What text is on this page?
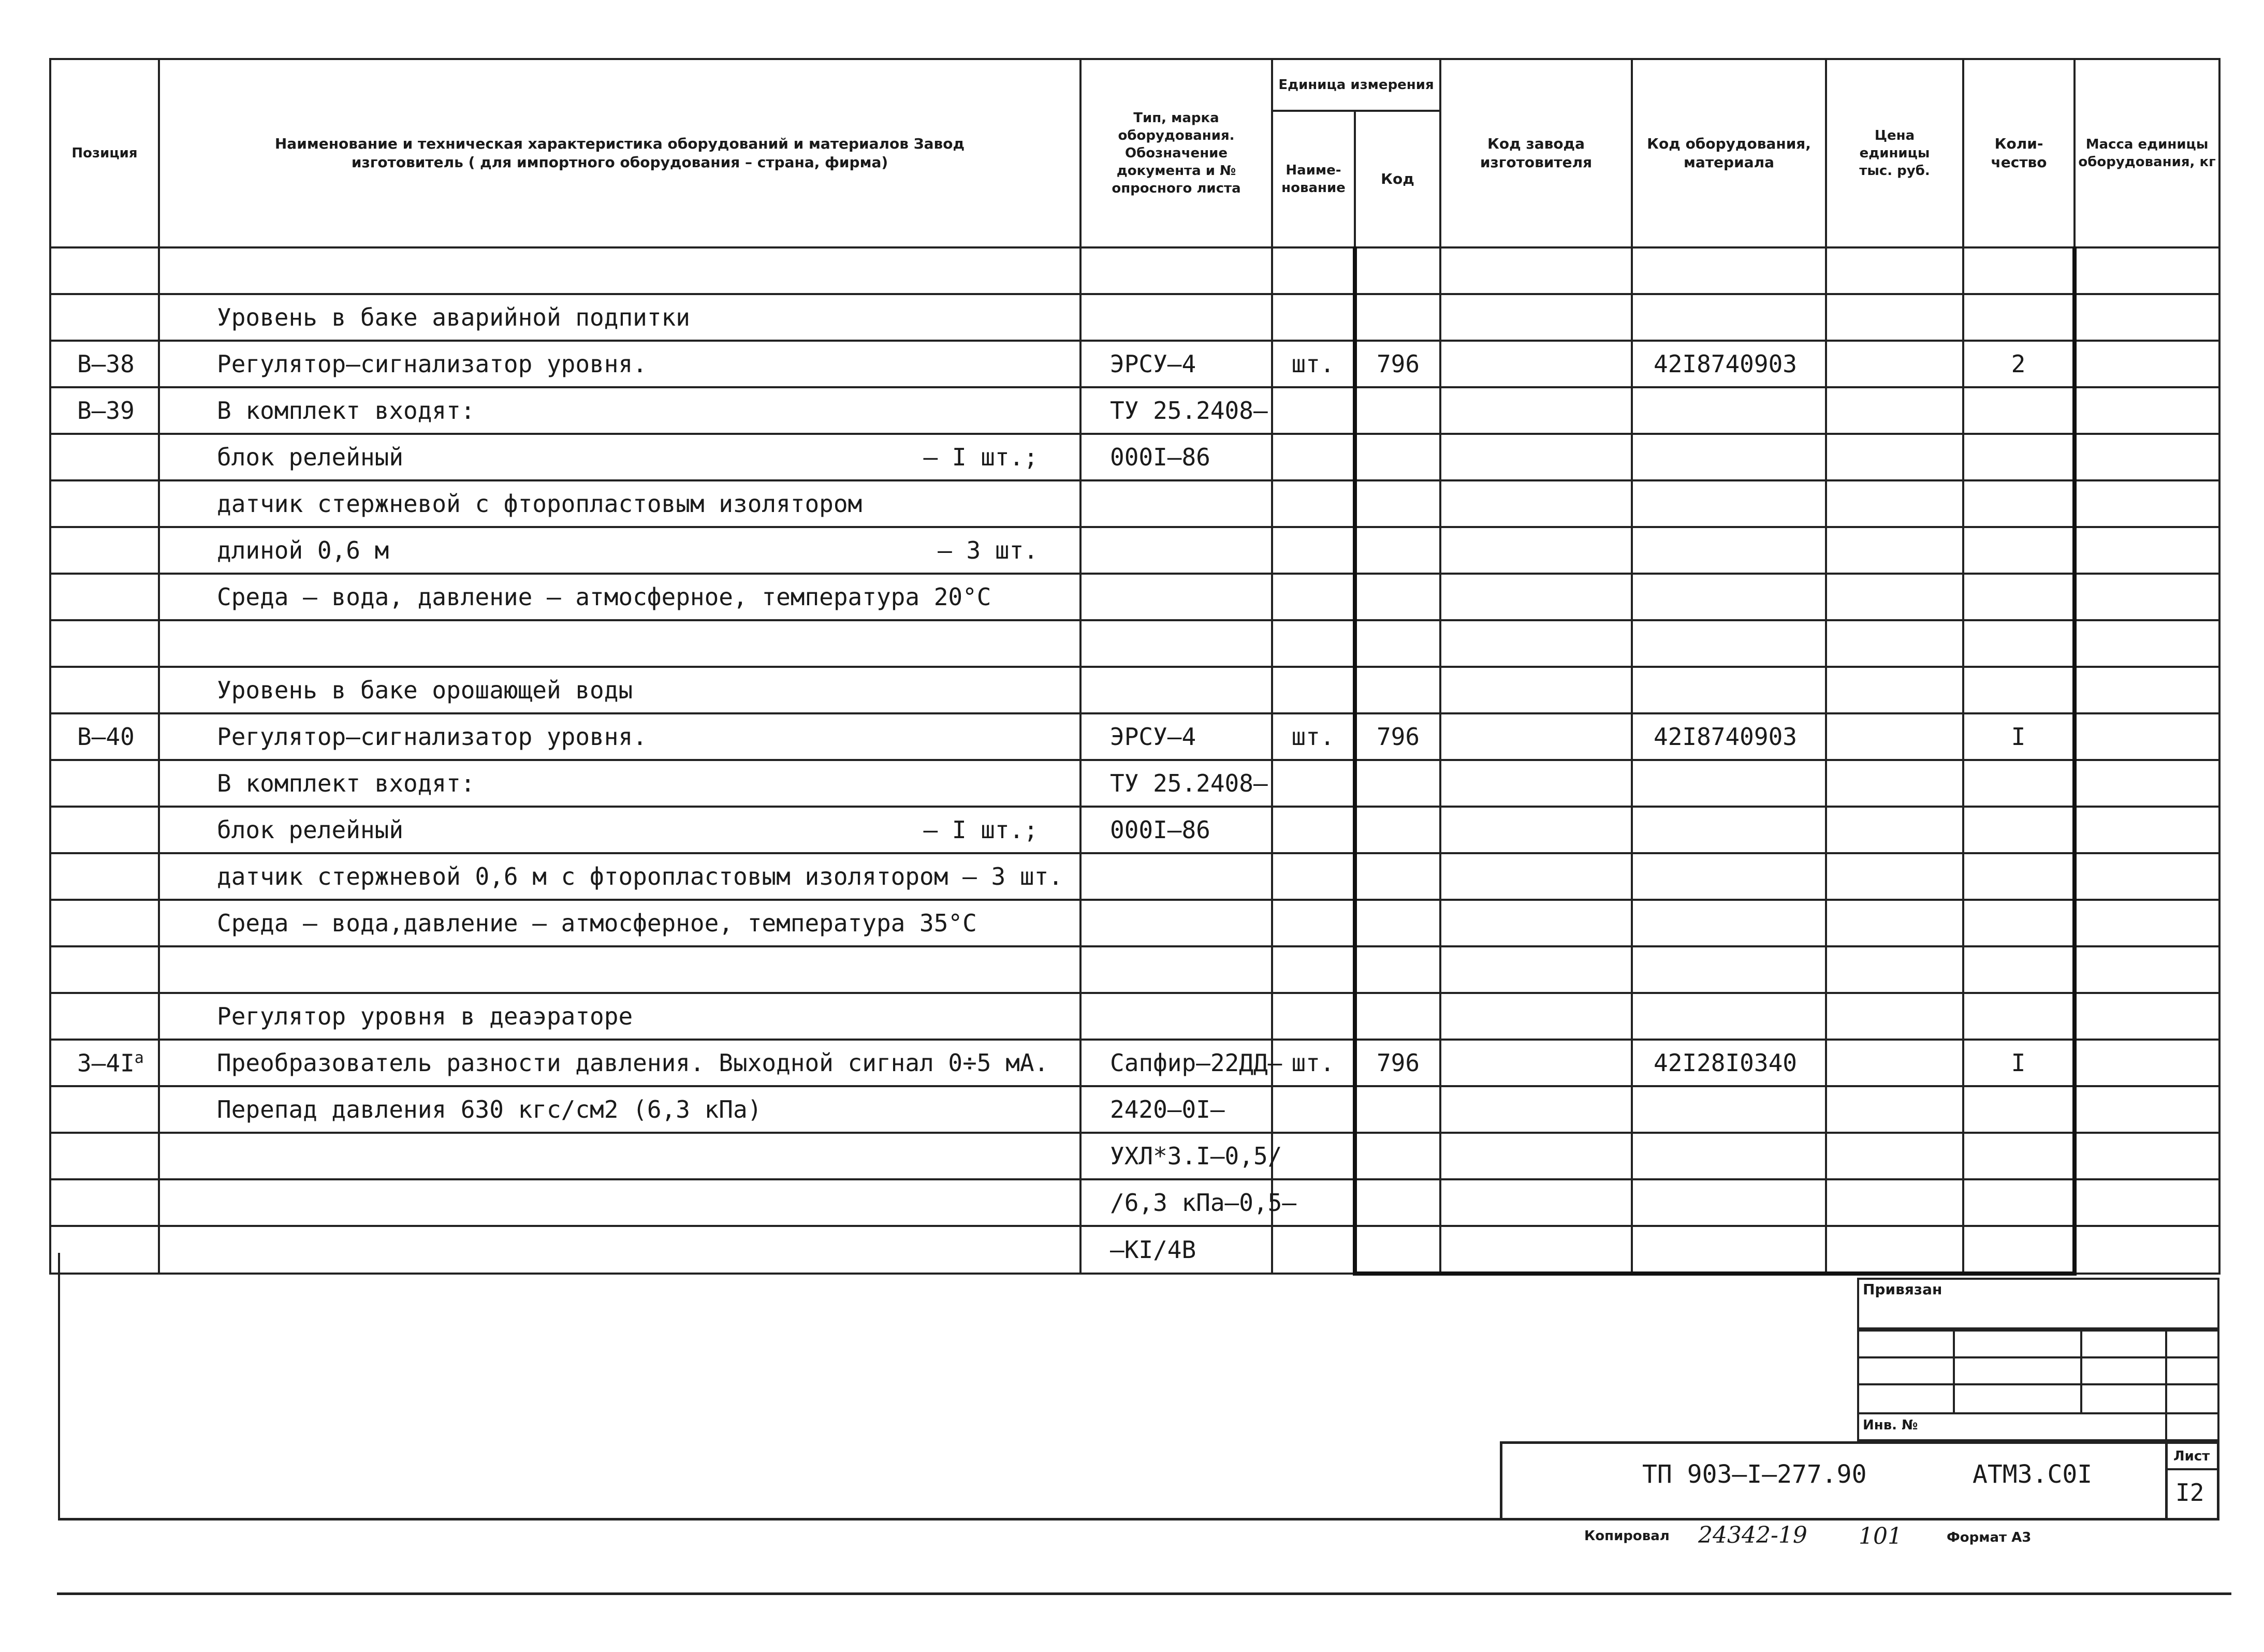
Позиция	Наименование и техническая характеристика оборудований и материалов Завод изготовитель ( для импортного оборудования – страна, фирма)	Тип, марка оборудования. Обозначение документа и № опросного листа	Единица измерения		Код завода изготовителя	Код оборудования, материала	Цена единицы тыс. руб.	Коли-чество	Масса единицы оборудования, кг
			Наиме-нование	Код					

	Уровень в баке аварийной подпитки								
В–38	Регулятор–сигнализатор уровня.	ЭРСУ–4	шт.	796		42I8740903		2	
В–39	В комплект входят:	ТУ 25.2408–							
	блок релейный – I шт.;	000I–86							
	датчик стержневой с фторопластовым изолятором								
	длиной 0,6 м – 3 шт.								

	Среда – вода, давление – атмосферное, температура 20°С								

	Уровень в баке орошающей воды								
В–40	Регулятор–сигнализатор уровня.	ЭРСУ–4	шт.	796		42I8740903		I	
	В комплект входят:	ТУ 25.2408–							
	блок релейный – I шт.;	000I–86							
	датчик стержневой 0,6 м с фторопластовым изолятором – 3 шт.								
	Среда – вода,давление – атмосферное, температура 35°С								

	Регулятор уровня в деаэраторе								
$З-4I^а$	Преобразователь разности давления. Выходной сигнал 0÷5 мА.	Сапфир–22ДД–	шт.	796		42I28I0340		I	
	Перепад давления 630 кгс/см2 (6,3 кПа)	2420–0I–							
		УХЛ*3.I–0,5/							
		/6,3 кПа–0,5–							
		–КI/4В							
Привязан
Инв. №
ТП 903–I–277.90	АТМЗ.С0I
Лист
I2
Копировал 24342-19 101	Формат А3
